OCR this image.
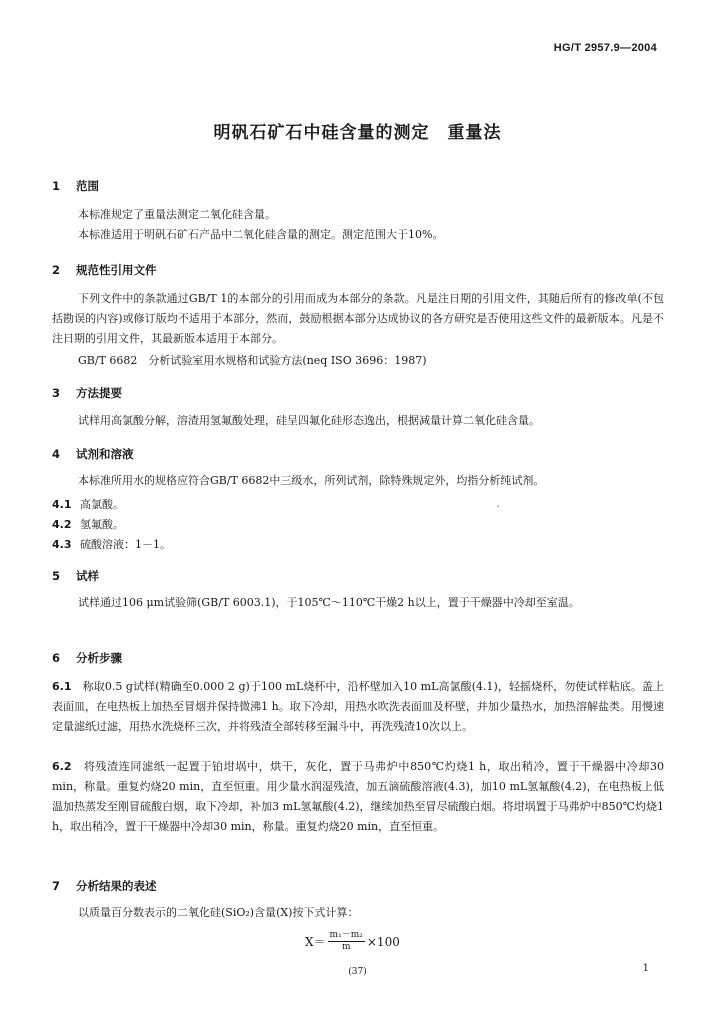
HG/T 2957.9—2004
明矾石矿石中硅含量的测定　重量法
1 范围
本标准规定了重量法测定二氧化硅含量。
本标准适用于明矾石矿石产品中二氧化硅含量的测定。测定范围大于10%。
2 规范性引用文件
下列文件中的条款通过GB/T 1的本部分的引用而成为本部分的条款。凡是注日期的引用文件，其随后所有的修改单(不包括勘误的内容)或修订版均不适用于本部分，然而，鼓励根据本部分达成协议的各方研究是否使用这些文件的最新版本。凡是不注日期的引用文件，其最新版本适用于本部分。
GB/T 6682　分析试验室用水规格和试验方法(neq ISO 3696：1987)
3 方法提要
试样用高氯酸分解，溶渣用氢氟酸处理，硅呈四氟化硅形态逸出，根据减量计算二氧化硅含量。
4 试剂和溶液
本标准所用水的规格应符合GB/T 6682中三级水，所列试剂，除特殊规定外，均指分析纯试剂。
′
4.1 高氯酸。
4.2 氢氟酸。
4.3 硫酸溶液：1－1。
5 试样
试样通过106 μm试验筛(GB/T 6003.1)，于105℃～110℃干燥2 h以上，置于干燥器中冷却至室温。
6 分析步骤
6.1　 称取0.5 g试样(精确至0.000 2 g)于100 mL烧杯中，沿杯壁加入10 mL高氯酸(4.1)，轻摇烧杯，勿使试样粘底。盖上表面皿，在电热板上加热至冒烟并保持微沸1 h。取下冷却，用热水吹洗表面皿及杯壁，并加少量热水，加热溶解盐类。用慢速定量滤纸过滤，用热水洗烧杯三次，并将残渣全部转移至漏斗中，再洗残渣10次以上。
6.2　 将残渣连同滤纸一起置于铂坩埚中，烘干，灰化，置于马弗炉中850℃灼烧1 h，取出稍冷，置于干燥器中冷却30 min，称量。重复灼烧20 min，直至恒重。用少量水润湿残渣，加五滴硫酸溶液(4.3)，加10 mL氢氟酸(4.2)，在电热板上低温加热蒸发至刚冒硫酸白烟，取下冷却，补加3 mL氢氟酸(4.2)，继续加热至冒尽硫酸白烟。将坩埚置于马弗炉中850℃灼烧1 h，取出稍冷，置于干燥器中冷却30 min，称量。重复灼烧20 min，直至恒重。
7 分析结果的表述
以质量百分数表示的二氧化硅(SiO₂)含量(X)按下式计算：
$X= \frac{\text{m₁－m₂}}{m} \times 100$
(37)	1
